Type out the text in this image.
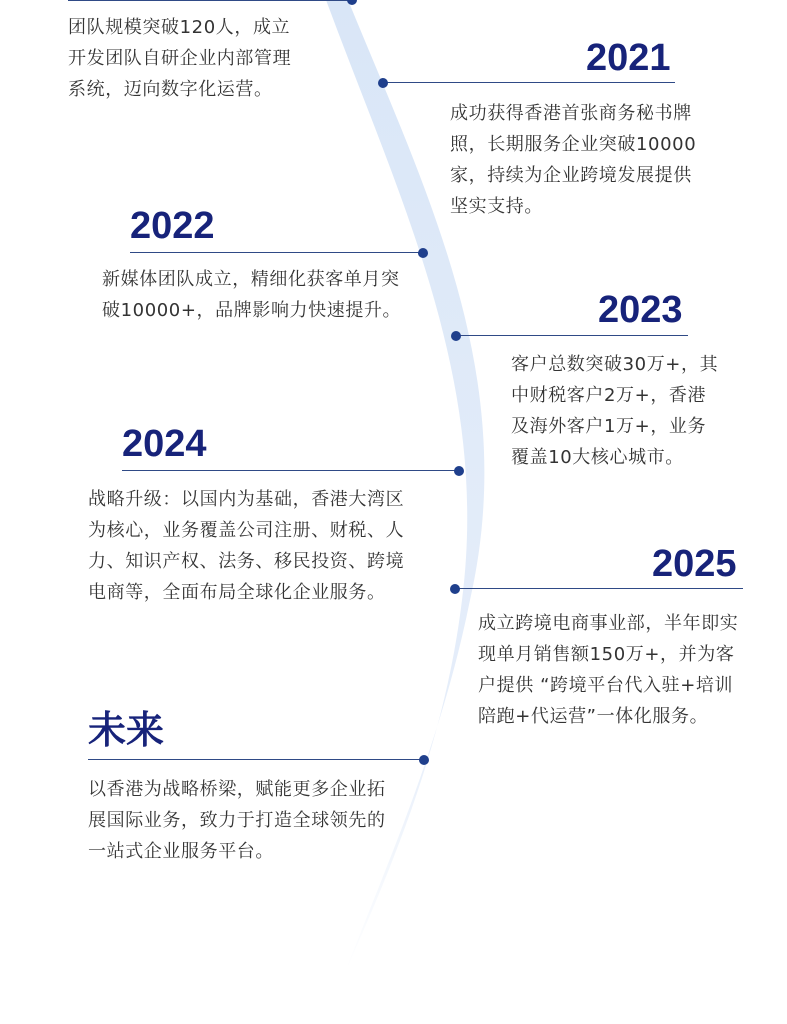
团队规模突破120人，成立开发团队自研企业内部管理系统，迈向数字化运营。
2021
成功获得香港首张商务秘书牌照，长期服务企业突破10000家，持续为企业跨境发展提供坚实支持。
2022
新媒体团队成立，精细化获客单月突破10000+，品牌影响力快速提升。	2023
客户总数突破30万+，其中财税客户2万+，香港及海外客户1万+，业务覆盖10大核心城市。
2024
战略升级：以国内为基础，香港大湾区为核心，业务覆盖公司注册、财税、人力、知识产权、法务、移民投资、跨境电商等，全面布局全球化企业服务。
2025
成立跨境电商事业部，半年即实现单月销售额150万+，并为客户提供 “跨境平台代入驻+培训陪跑+代运营”一体化服务。
未来
以香港为战略桥梁，赋能更多企业拓展国际业务，致力于打造全球领先的一站式企业服务平台。
